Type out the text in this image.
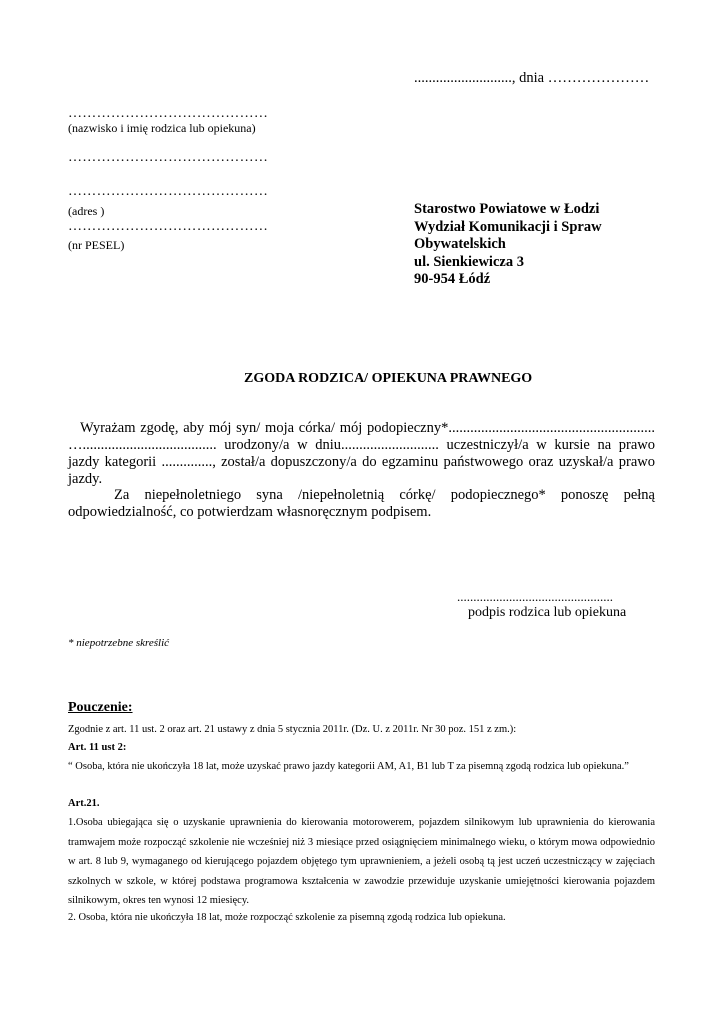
..........................., dnia …………………
……………………………………
(nazwisko i imię rodzica lub opiekuna)
……………………………………
……………………………………
(adres )
……………………………………
(nr PESEL)
Starostwo Powiatowe w Łodzi
Wydział Komunikacji i Spraw
Obywatelskich
ul. Sienkiewicza 3
90-954 Łódź
ZGODA RODZICA/ OPIEKUNA PRAWNEGO
Wyrażam zgodę, aby mój syn/ moja córka/ mój podopieczny*......................................................... …..................................... urodzony/a w dniu........................... uczestniczył/a w kursie na prawo jazdy kategorii .............., został/a dopuszczony/a do egzaminu państwowego oraz uzyskał/a prawo jazdy.
Za niepełnoletniego syna /niepełnoletnią córkę/ podopiecznego* ponoszę pełną odpowiedzialność, co potwierdzam własnoręcznym podpisem.
................................................
podpis rodzica lub opiekuna
* niepotrzebne skreślić
Pouczenie:
Zgodnie z art. 11 ust. 2 oraz art. 21 ustawy z dnia 5 stycznia 2011r. (Dz. U. z 2011r. Nr 30 poz. 151 z zm.):
Art. 11 ust 2:
“ Osoba, która nie ukończyła 18 lat, może uzyskać prawo jazdy kategorii AM, A1, B1 lub T za pisemną zgodą rodzica lub opiekuna.”
Art.21.
1.Osoba ubiegająca się o uzyskanie uprawnienia do kierowania motorowerem, pojazdem silnikowym lub uprawnienia do kierowania tramwajem może rozpocząć szkolenie nie wcześniej niż 3 miesiące przed osiągnięciem minimalnego wieku, o którym mowa odpowiednio w art. 8 lub 9, wymaganego od kierującego pojazdem objętego tym uprawnieniem, a jeżeli osobą tą jest uczeń uczestniczący w zajęciach szkolnych w szkole, w której podstawa programowa kształcenia w zawodzie przewiduje uzyskanie umiejętności kierowania pojazdem silnikowym, okres ten wynosi 12 miesięcy.
2. Osoba, która nie ukończyła 18 lat, może rozpocząć szkolenie za pisemną zgodą rodzica lub opiekuna.
